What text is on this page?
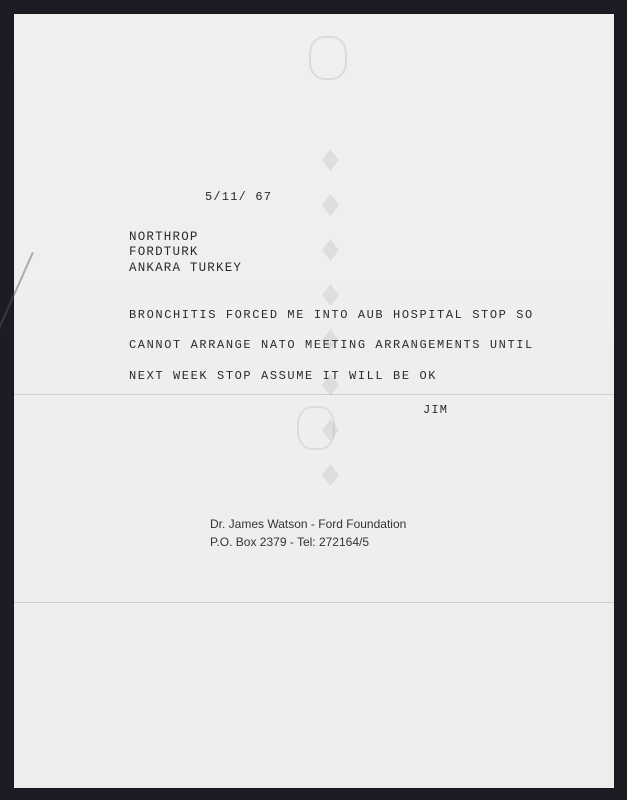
♦♦♦♦♦♦♦♦

5/11/ 67

NORTHROP

FORDTURK

ANKARA TURKEY

BRONCHITIS FORCED ME INTO AUB HOSPITAL STOP SO

CANNOT ARRANGE NATO MEETING ARRANGEMENTS UNTIL

NEXT WEEK STOP ASSUME IT WILL BE OK

JIM

Dr. James Watson - Ford Foundation

P.O. Box 2379 - Tel: 272164/5
